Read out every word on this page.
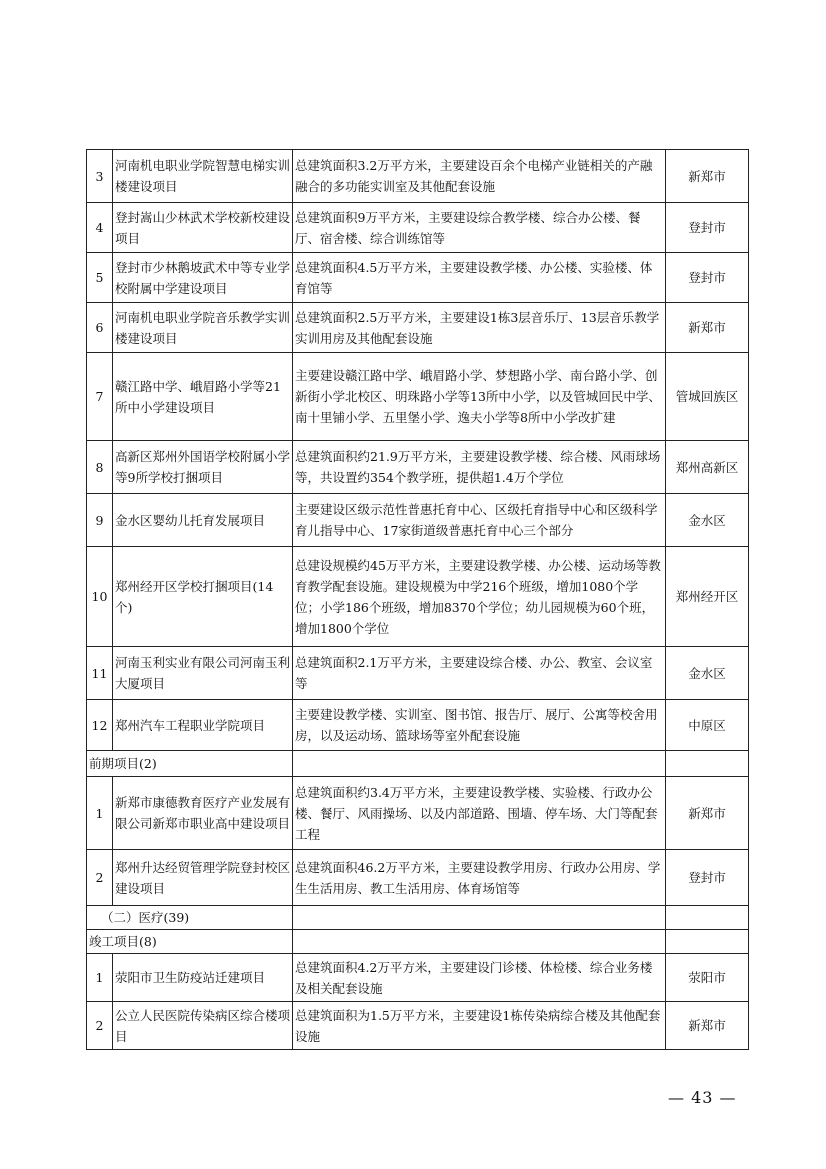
3	河南机电职业学院智慧电梯实训楼建设项目	总建筑面积3.2万平方米，主要建设百余个电梯产业链相关的产融融合的多功能实训室及其他配套设施	新郑市
4	登封嵩山少林武术学校新校建设项目	总建筑面积9万平方米，主要建设综合教学楼、综合办公楼、餐厅、宿舍楼、综合训练馆等	登封市
5	登封市少林鹅坡武术中等专业学校附属中学建设项目	总建筑面积4.5万平方米，主要建设教学楼、办公楼、实验楼、体育馆等	登封市
6	河南机电职业学院音乐教学实训楼建设项目	总建筑面积2.5万平方米，主要建设1栋3层音乐厅、13层音乐教学实训用房及其他配套设施	新郑市
7	赣江路中学、峨眉路小学等21所中小学建设项目	主要建设赣江路中学、峨眉路小学、梦想路小学、南台路小学、创新街小学北校区、明珠路小学等13所中小学，以及管城回民中学、南十里铺小学、五里堡小学、逸夫小学等8所中小学改扩建	管城回族区
8	高新区郑州外国语学校附属小学等9所学校打捆项目	总建筑面积约21.9万平方米，主要建设教学楼、综合楼、风雨球场等，共设置约354个教学班，提供超1.4万个学位	郑州高新区
9	金水区婴幼儿托育发展项目	主要建设区级示范性普惠托育中心、区级托育指导中心和区级科学育儿指导中心、17家街道级普惠托育中心三个部分	金水区
10	郑州经开区学校打捆项目(14个)	总建设规模约45万平方米，主要建设教学楼、办公楼、运动场等教育教学配套设施。建设规模为中学216个班级，增加1080个学位；小学186个班级，增加8370个学位；幼儿园规模为60个班，增加1800个学位	郑州经开区
11	河南玉利实业有限公司河南玉利大厦项目	总建筑面积2.1万平方米，主要建设综合楼、办公、教室、会议室等	金水区
12	郑州汽车工程职业学院项目	主要建设教学楼、实训室、图书馆、报告厅、展厅、公寓等校舍用房，以及运动场、篮球场等室外配套设施	中原区
前期项目(2)			
1	新郑市康德教育医疗产业发展有限公司新郑市职业高中建设项目	总建筑面积约3.4万平方米，主要建设教学楼、实验楼、行政办公楼、餐厅、风雨操场、以及内部道路、围墙、停车场、大门等配套工程	新郑市
2	郑州升达经贸管理学院登封校区建设项目	总建筑面积46.2万平方米，主要建设教学用房、行政办公用房、学生生活用房、教工生活用房、体育场馆等	登封市
（二）医疗(39)			
竣工项目(8)			
1	荥阳市卫生防疫站迁建项目	总建筑面积4.2万平方米，主要建设门诊楼、体检楼、综合业务楼及相关配套设施	荥阳市
2	公立人民医院传染病区综合楼项目	总建筑面积为1.5万平方米，主要建设1栋传染病综合楼及其他配套设施	新郑市
— 43 —
